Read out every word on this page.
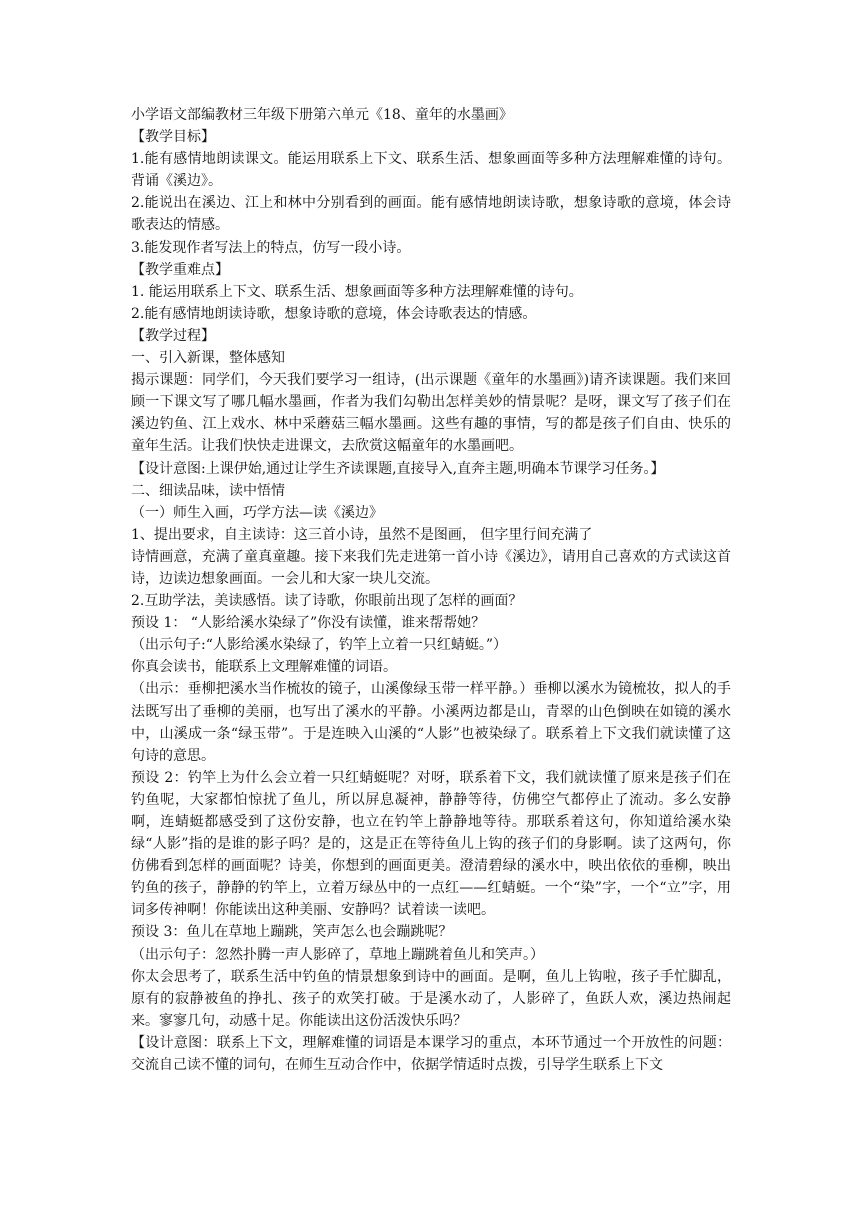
小学语文部编教材三年级下册第六单元《18、童年的水墨画》

【教学目标】

1.能有感情地朗读课文。能运用联系上下文、联系生活、想象画面等多种方法理解难懂的诗句。背诵《溪边》。

2.能说出在溪边、江上和林中分别看到的画面。能有感情地朗读诗歌，想象诗歌的意境，体会诗歌表达的情感。

3.能发现作者写法上的特点，仿写一段小诗。

【教学重难点】

1. 能运用联系上下文、联系生活、想象画面等多种方法理解难懂的诗句。

2.能有感情地朗读诗歌，想象诗歌的意境，体会诗歌表达的情感。

【教学过程】

一、引入新课，整体感知

揭示课题：同学们，今天我们要学习一组诗，(出示课题《童年的水墨画》)请齐读课题。我们来回顾一下课文写了哪几幅水墨画，作者为我们勾勒出怎样美妙的情景呢？是呀，课文写了孩子们在溪边钓鱼、江上戏水、林中采蘑菇三幅水墨画。这些有趣的事情，写的都是孩子们自由、快乐的童年生活。让我们快快走进课文，去欣赏这幅童年的水墨画吧。

【设计意图:上课伊始,通过让学生齐读课题,直接导入,直奔主题,明确本节课学习任务。】

二、细读品味，读中悟情

（一）师生入画，巧学方法—读《溪边》

1、提出要求，自主读诗：这三首小诗，虽然不是图画， 但字里行间充满了

诗情画意，充满了童真童趣。接下来我们先走进第一首小诗《溪边》，请用自己喜欢的方式读这首诗，边读边想象画面。一会儿和大家一块儿交流。

2.互助学法，美读感悟。读了诗歌，你眼前出现了怎样的画面？

预设 1： “人影给溪水染绿了”你没有读懂，谁来帮帮她？

（出示句子:“人影给溪水染绿了，钓竿上立着一只红蜻蜓。”）

你真会读书，能联系上文理解难懂的词语。

（出示：垂柳把溪水当作梳妆的镜子，山溪像绿玉带一样平静。）垂柳以溪水为镜梳妆，拟人的手法既写出了垂柳的美丽，也写出了溪水的平静。小溪两边都是山，青翠的山色倒映在如镜的溪水中，山溪成一条“绿玉带”。于是连映入山溪的“人影”也被染绿了。联系着上下文我们就读懂了这句诗的意思。

预设 2：钓竿上为什么会立着一只红蜻蜓呢？对呀，联系着下文，我们就读懂了原来是孩子们在钓鱼呢，大家都怕惊扰了鱼儿，所以屏息凝神，静静等待，仿佛空气都停止了流动。多么安静啊，连蜻蜓都感受到了这份安静，也立在钓竿上静静地等待。那联系着这句，你知道给溪水染绿“人影”指的是谁的影子吗？是的，这是正在等待鱼儿上钩的孩子们的身影啊。读了这两句，你仿佛看到怎样的画面呢？诗美，你想到的画面更美。澄清碧绿的溪水中，映出依依的垂柳，映出钓鱼的孩子，静静的钓竿上，立着万绿丛中的一点红——红蜻蜓。一个“染”字，一个“立”字，用词多传神啊！你能读出这种美丽、安静吗？试着读一读吧。

预设 3：鱼儿在草地上蹦跳，笑声怎么也会蹦跳呢？

（出示句子：忽然扑腾一声人影碎了，草地上蹦跳着鱼儿和笑声。）

你太会思考了，联系生活中钓鱼的情景想象到诗中的画面。是啊，鱼儿上钩啦，孩子手忙脚乱，原有的寂静被鱼的挣扎、孩子的欢笑打破。于是溪水动了，人影碎了，鱼跃人欢，溪边热闹起来。寥寥几句，动感十足。你能读出这份活泼快乐吗？

【设计意图：联系上下文，理解难懂的词语是本课学习的重点，本环节通过一个开放性的问题：交流自己读不懂的词句，在师生互动合作中，依据学情适时点拨，引导学生联系上下文
